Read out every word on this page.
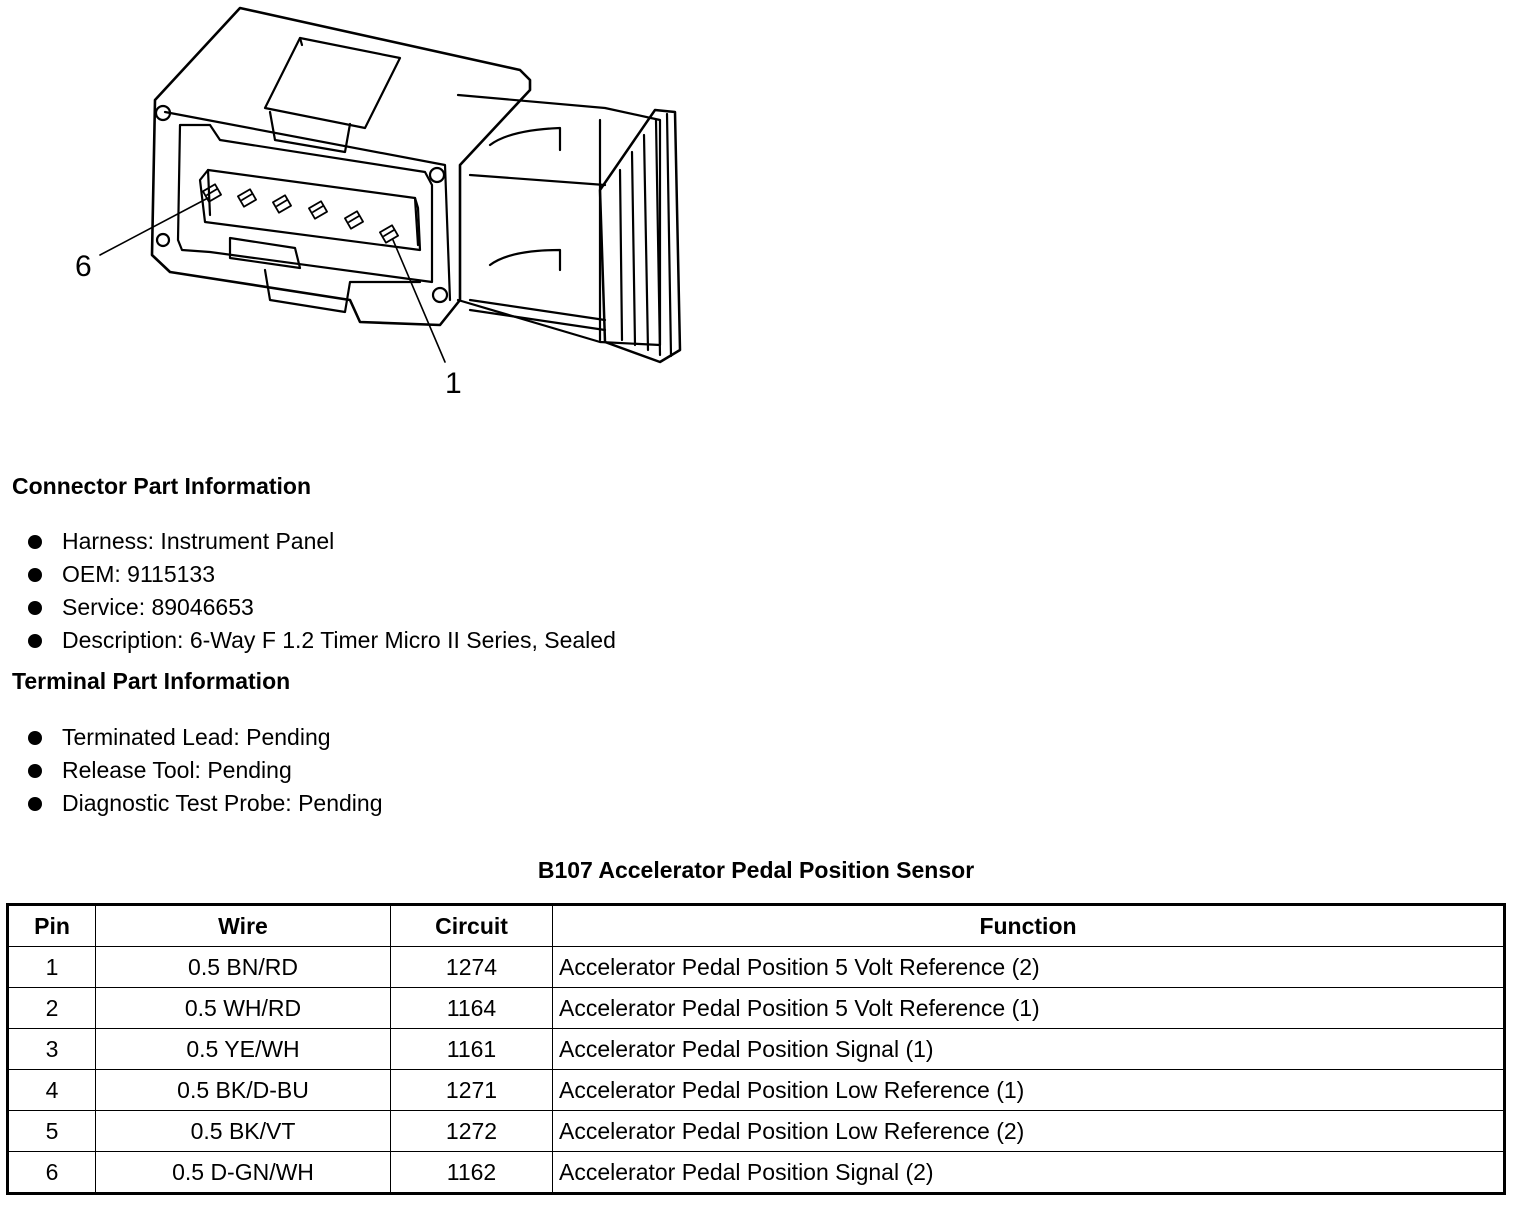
6
1
Connector Part Information
Harness: Instrument Panel
OEM: 9115133
Service: 89046653
Description: 6-Way F 1.2 Timer Micro II Series, Sealed
Terminal Part Information
Terminated Lead: Pending
Release Tool: Pending
Diagnostic Test Probe: Pending
B107 Accelerator Pedal Position Sensor
Pin	Wire	Circuit	Function
1	0.5 BN/RD	1274	Accelerator Pedal Position 5 Volt Reference (2)
2	0.5 WH/RD	1164	Accelerator Pedal Position 5 Volt Reference (1)
3	0.5 YE/WH	1161	Accelerator Pedal Position Signal (1)
4	0.5 BK/D-BU	1271	Accelerator Pedal Position Low Reference (1)
5	0.5 BK/VT	1272	Accelerator Pedal Position Low Reference (2)
6	0.5 D-GN/WH	1162	Accelerator Pedal Position Signal (2)
